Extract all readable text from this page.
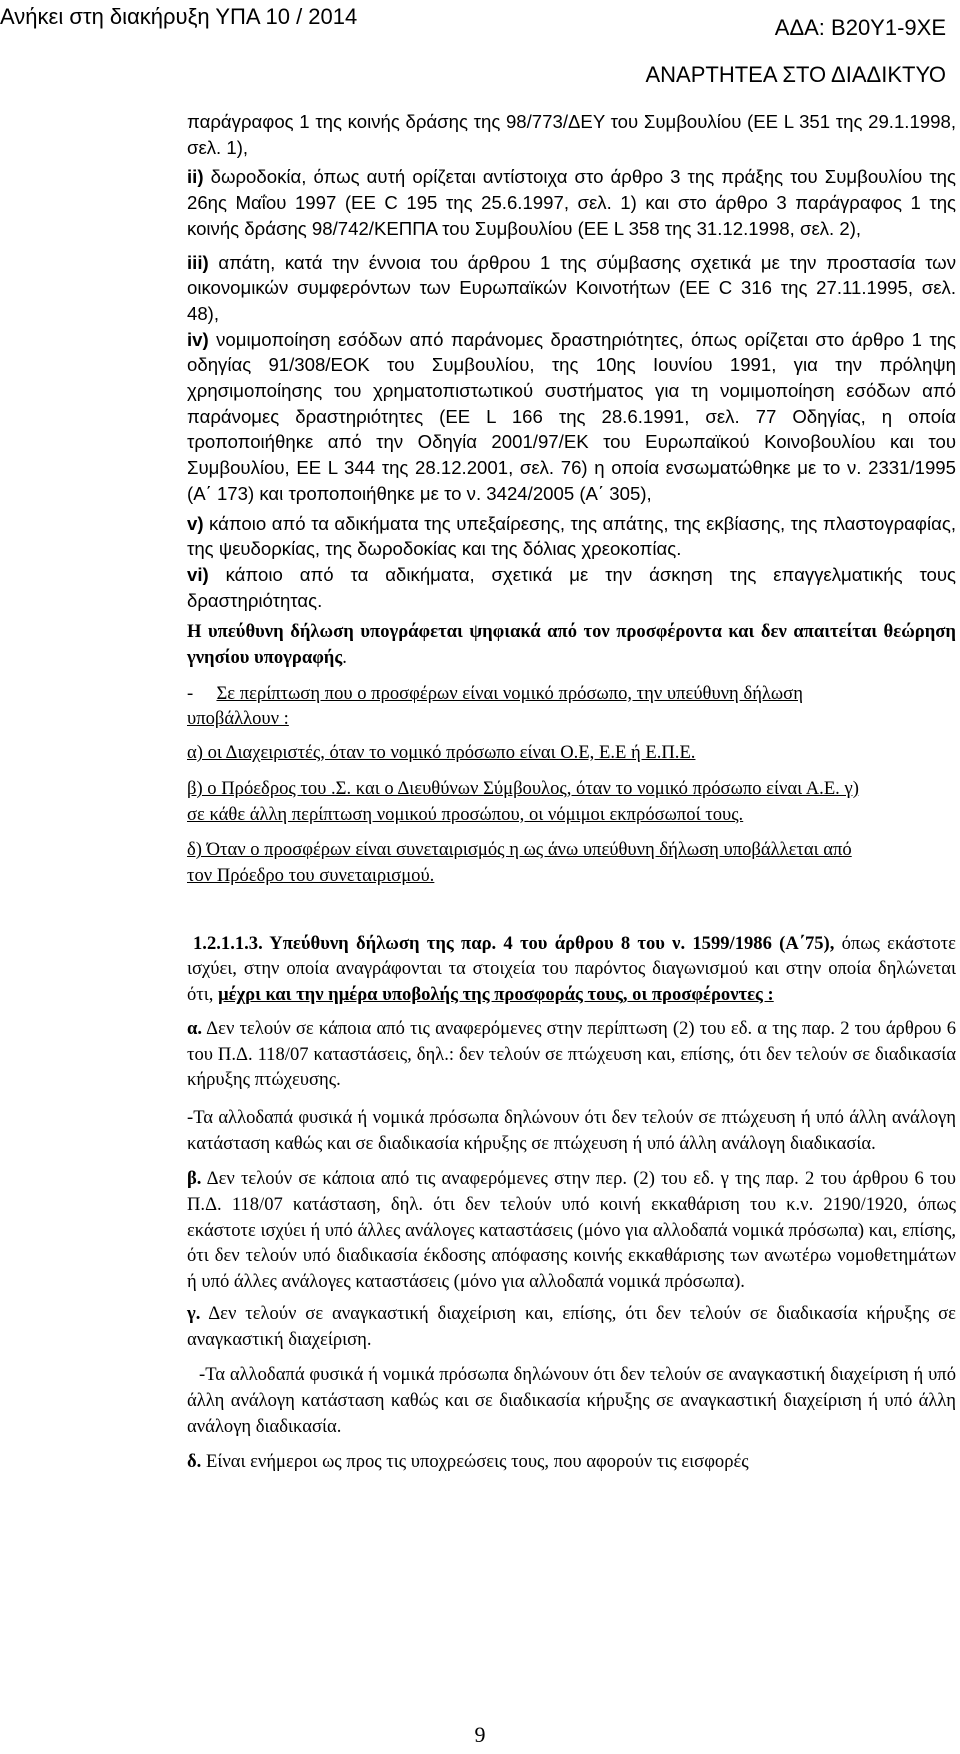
Ανήκει στη διακήρυξη ΥΠΑ 10 / 2014	ΑΔΑ: Β20Υ1-9ΧΕ
ΑΝΑΡΤΗΤΕΑ ΣΤΟ ΔΙΑΔΙΚΤΥΟ

παράγραφος 1 της κοινής δράσης της 98/773/ΔΕΥ του Συμβουλίου (ΕΕ L 351 της 29.1.1998, σελ. 1),

ii) δωροδοκία, όπως αυτή ορίζεται αντίστοιχα στο άρθρο 3 της πράξης του Συμβουλίου της 26ης Μαΐου 1997 (ΕΕ C 195 της 25.6.1997, σελ. 1) και στο άρθρο 3 παράγραφος 1 της κοινής δράσης 98/742/ΚΕΠΠΑ του Συμβουλίου (ΕΕ L 358 της 31.12.1998, σελ. 2),

iii) απάτη, κατά την έννοια του άρθρου 1 της σύμβασης σχετικά με την προστασία των οικονομικών συμφερόντων των Ευρωπαϊκών Κοινοτήτων (ΕΕ C 316 της 27.11.1995, σελ. 48),

iv) νομιμοποίηση εσόδων από παράνομες δραστηριότητες, όπως ορίζεται στο άρθρο 1 της οδηγίας 91/308/ΕΟΚ του Συμβουλίου, της 10ης Ιουνίου 1991, για την πρόληψη χρησιμοποίησης του χρηματοπιστωτικού συστήματος για τη νομιμοποίηση εσόδων από παράνομες δραστηριότητες (ΕΕ L 166 της 28.6.1991, σελ. 77 Οδηγίας, η οποία τροποποιήθηκε από την Οδηγία 2001/97/ΕΚ του Ευρωπαϊκού Κοινοβουλίου και του Συμβουλίου, ΕΕ L 344 της 28.12.2001, σελ. 76) η οποία ενσωματώθηκε με το ν. 2331/1995 (Α΄ 173) και τροποποιήθηκε με το ν. 3424/2005 (Α΄ 305),

v) κάποιο από τα αδικήματα της υπεξαίρεσης, της απάτης, της εκβίασης, της πλαστογραφίας, της ψευδορκίας, της δωροδοκίας και της δόλιας χρεοκοπίας.

vi) κάποιο από τα αδικήματα, σχετικά με την άσκηση της επαγγελματικής τους δραστηριότητας.

Η υπεύθυνη δήλωση υπογράφεται ψηφιακά από τον προσφέροντα και δεν απαιτείται θεώρηση γνησίου υπογραφής.

- Σε περίπτωση που ο προσφέρων είναι νομικό πρόσωπο, την υπεύθυνη δήλωση υποβάλλουν :

α) οι Διαχειριστές, όταν το νομικό πρόσωπο είναι Ο.Ε, Ε.Ε ή Ε.Π.Ε.

β) ο Πρόεδρος του .Σ. και ο Διευθύνων Σύμβουλος, όταν το νομικό πρόσωπο είναι Α.Ε. γ) σε κάθε άλλη περίπτωση νομικού προσώπου, οι νόμιμοι εκπρόσωποί τους.

δ) Όταν ο προσφέρων είναι συνεταιρισμός η ως άνω υπεύθυνη δήλωση υποβάλλεται από τον Πρόεδρο του συνεταιρισμού.

1.2.1.1.3. Υπεύθυνη δήλωση της παρ. 4 του άρθρου 8 του ν. 1599/1986 (Α΄75), όπως εκάστοτε ισχύει, στην οποία αναγράφονται τα στοιχεία του παρόντος διαγωνισμού και στην οποία δηλώνεται ότι, μέχρι και την ημέρα υποβολής της προσφοράς τους, οι προσφέροντες :

α. Δεν τελούν σε κάποια από τις αναφερόμενες στην περίπτωση (2) του εδ. α της παρ. 2 του άρθρου 6 του Π.Δ. 118/07 καταστάσεις, δηλ.: δεν τελούν σε πτώχευση και, επίσης, ότι δεν τελούν σε διαδικασία κήρυξης πτώχευσης.

-Τα αλλοδαπά φυσικά ή νομικά πρόσωπα δηλώνουν ότι δεν τελούν σε πτώχευση ή υπό άλλη ανάλογη κατάσταση καθώς και σε διαδικασία κήρυξης σε πτώχευση ή υπό άλλη ανάλογη διαδικασία.

β. Δεν τελούν σε κάποια από τις αναφερόμενες στην περ. (2) του εδ. γ της παρ. 2 του άρθρου 6 του Π.Δ. 118/07 κατάσταση, δηλ. ότι δεν τελούν υπό κοινή εκκαθάριση του κ.ν. 2190/1920, όπως εκάστοτε ισχύει ή υπό άλλες ανάλογες καταστάσεις (μόνο για αλλοδαπά νομικά πρόσωπα) και, επίσης, ότι δεν τελούν υπό διαδικασία έκδοσης απόφασης κοινής εκκαθάρισης των ανωτέρω νομοθετημάτων ή υπό άλλες ανάλογες καταστάσεις (μόνο για αλλοδαπά νομικά πρόσωπα).

γ. Δεν τελούν σε αναγκαστική διαχείριση και, επίσης, ότι δεν τελούν σε διαδικασία κήρυξης σε αναγκαστική διαχείριση.

-Τα αλλοδαπά φυσικά ή νομικά πρόσωπα δηλώνουν ότι δεν τελούν σε αναγκαστική διαχείριση ή υπό άλλη ανάλογη κατάσταση καθώς και σε διαδικασία κήρυξης σε αναγκαστική διαχείριση ή υπό άλλη ανάλογη διαδικασία.

δ. Είναι ενήμεροι ως προς τις υποχρεώσεις τους, που αφορούν τις εισφορές

9
